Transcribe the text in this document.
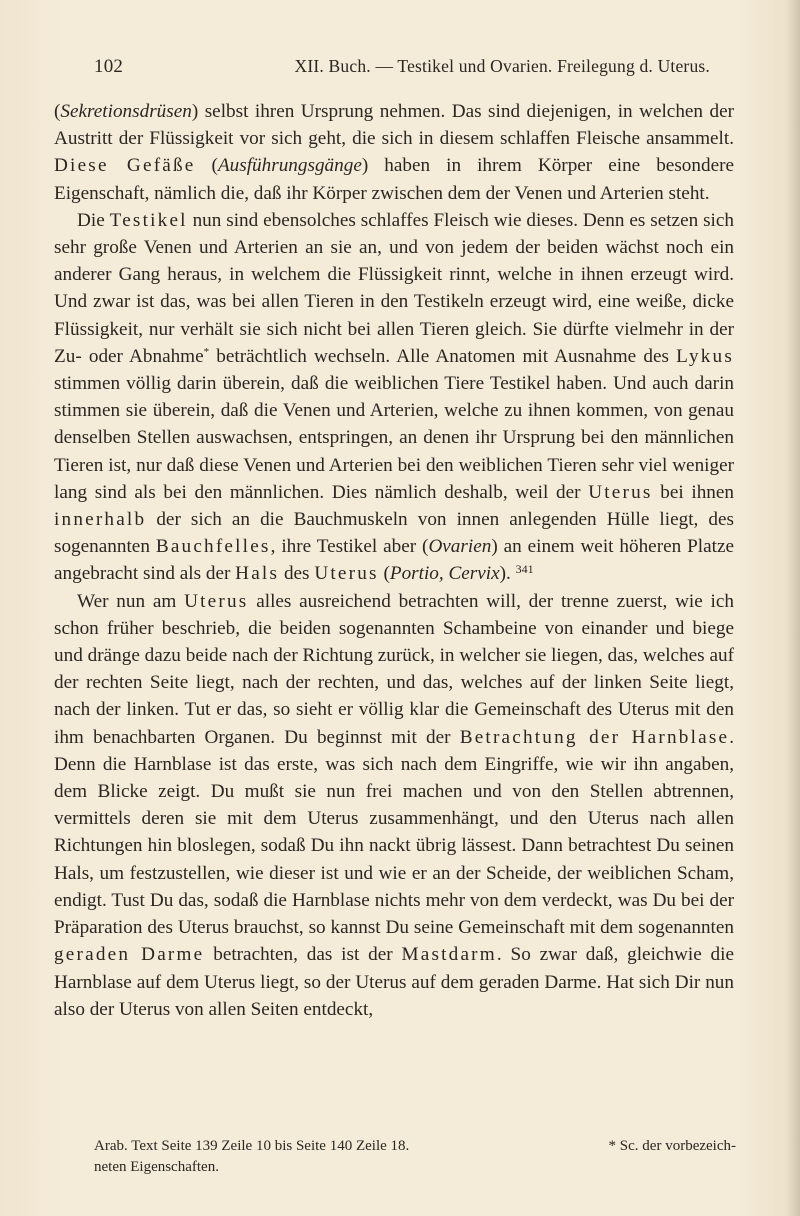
102	XII. Buch. — Testikel und Ovarien. Freilegung d. Uterus.

(Sekretionsdrüsen) selbst ihren Ursprung nehmen. Das sind diejenigen, in welchen der Austritt der Flüssigkeit vor sich geht, die sich in diesem schlaffen Fleische ansammelt. Diese Gefäße (Ausführungsgänge) haben in ihrem Körper eine besondere Eigenschaft, nämlich die, daß ihr Körper zwischen dem der Venen und Arterien steht.

Die Testikel nun sind ebensolches schlaffes Fleisch wie dieses. Denn es setzen sich sehr große Venen und Arterien an sie an, und von jedem der beiden wächst noch ein anderer Gang heraus, in welchem die Flüssigkeit rinnt, welche in ihnen erzeugt wird. Und zwar ist das, was bei allen Tieren in den Testikeln erzeugt wird, eine weiße, dicke Flüssigkeit, nur verhält sie sich nicht bei allen Tieren gleich. Sie dürfte vielmehr in der Zu- oder Abnahme* beträchtlich wechseln. Alle Anatomen mit Ausnahme des Lykus stimmen völlig darin überein, daß die weiblichen Tiere Testikel haben. Und auch darin stimmen sie überein, daß die Venen und Arterien, welche zu ihnen kommen, von genau denselben Stellen auswachsen, entspringen, an denen ihr Ursprung bei den männlichen Tieren ist, nur daß diese Venen und Arterien bei den weiblichen Tieren sehr viel weniger lang sind als bei den männlichen. Dies nämlich deshalb, weil der Uterus bei ihnen innerhalb der sich an die Bauchmuskeln von innen anlegenden Hülle liegt, des sogenannten Bauchfelles, ihre Testikel aber (Ovarien) an einem weit höheren Platze angebracht sind als der Hals des Uterus (Portio, Cervix). $^{341}$

Wer nun am Uterus alles ausreichend betrachten will, der trenne zuerst, wie ich schon früher beschrieb, die beiden sogenannten Schambeine von einander und biege und dränge dazu beide nach der Richtung zurück, in welcher sie liegen, das, welches auf der rechten Seite liegt, nach der rechten, und das, welches auf der linken Seite liegt, nach der linken. Tut er das, so sieht er völlig klar die Gemeinschaft des Uterus mit den ihm benachbarten Organen. Du beginnst mit der Betrachtung der Harnblase. Denn die Harnblase ist das erste, was sich nach dem Eingriffe, wie wir ihn angaben, dem Blicke zeigt. Du mußt sie nun frei machen und von den Stellen abtrennen, vermittels deren sie mit dem Uterus zusammenhängt, und den Uterus nach allen Richtungen hin bloslegen, sodaß Du ihn nackt übrig lässest. Dann betrachtest Du seinen Hals, um festzustellen, wie dieser ist und wie er an der Scheide, der weiblichen Scham, endigt. Tust Du das, sodaß die Harnblase nichts mehr von dem verdeckt, was Du bei der Präparation des Uterus brauchst, so kannst Du seine Gemeinschaft mit dem sogenannten geraden Darme betrachten, das ist der Mastdarm. So zwar daß, gleichwie die Harnblase auf dem Uterus liegt, so der Uterus auf dem geraden Darme. Hat sich Dir nun also der Uterus von allen Seiten entdeckt,

Arab. Text Seite 139 Zeile 10 bis Seite 140 Zeile 18.	* Sc. der vorbezeich-
neten Eigenschaften.
